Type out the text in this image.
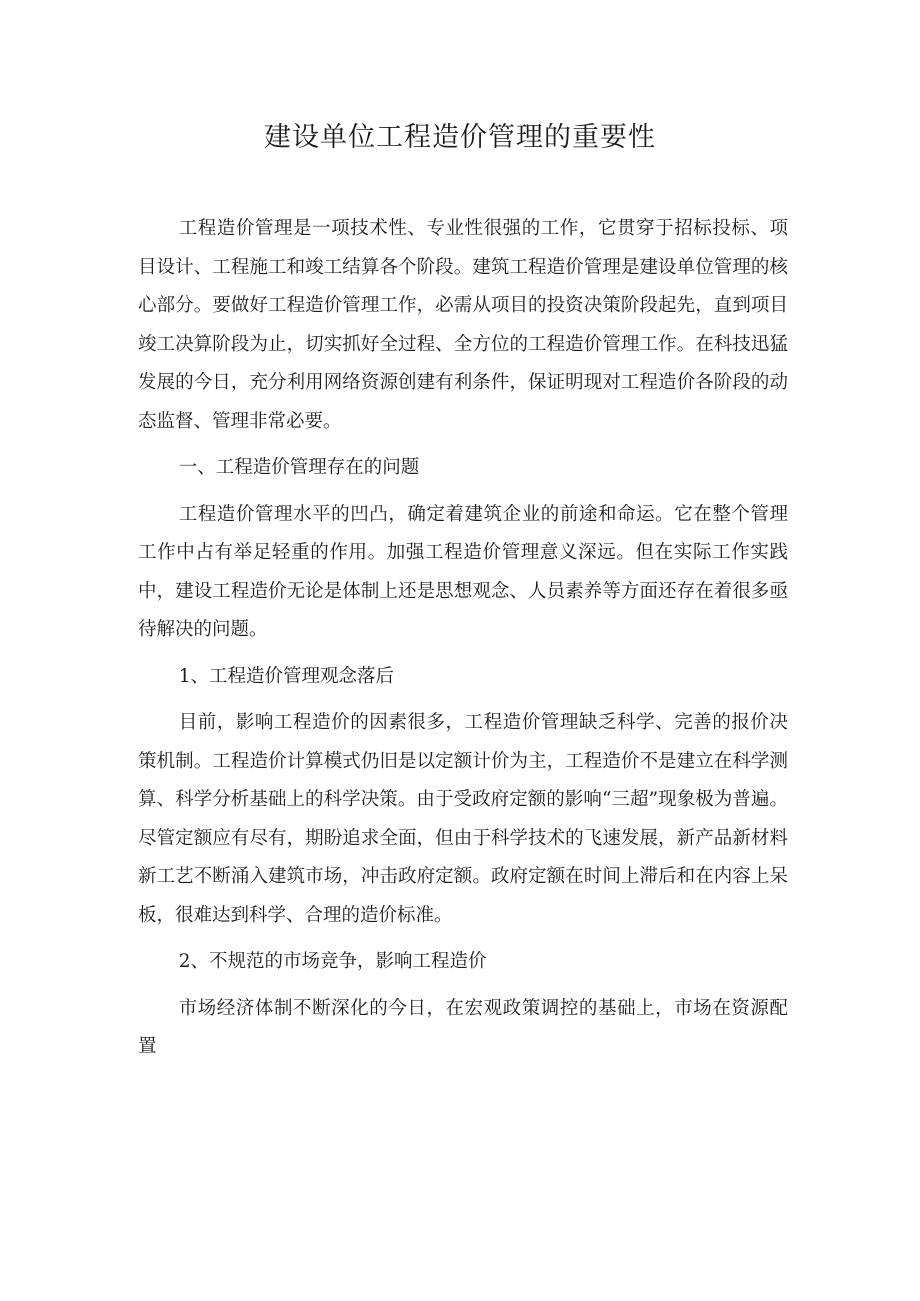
建设单位工程造价管理的重要性

工程造价管理是一项技术性、专业性很强的工作，它贯穿于招标投标、项目设计、工程施工和竣工结算各个阶段。建筑工程造价管理是建设单位管理的核心部分。要做好工程造价管理工作，必需从项目的投资决策阶段起先，直到项目竣工决算阶段为止，切实抓好全过程、全方位的工程造价管理工作。在科技迅猛发展的今日，充分利用网络资源创建有利条件，保证明现对工程造价各阶段的动态监督、管理非常必要。

一、工程造价管理存在的问题

工程造价管理水平的凹凸，确定着建筑企业的前途和命运。它在整个管理工作中占有举足轻重的作用。加强工程造价管理意义深远。但在实际工作实践中，建设工程造价无论是体制上还是思想观念、人员素养等方面还存在着很多亟待解决的问题。

1、工程造价管理观念落后

目前，影响工程造价的因素很多，工程造价管理缺乏科学、完善的报价决策机制。工程造价计算模式仍旧是以定额计价为主，工程造价不是建立在科学测算、科学分析基础上的科学决策。由于受政府定额的影响“三超”现象极为普遍。尽管定额应有尽有，期盼追求全面，但由于科学技术的飞速发展，新产品新材料新工艺不断涌入建筑市场，冲击政府定额。政府定额在时间上滞后和在内容上呆板，很难达到科学、合理的造价标准。

2、不规范的市场竞争，影响工程造价

市场经济体制不断深化的今日，在宏观政策调控的基础上，市场在资源配置
